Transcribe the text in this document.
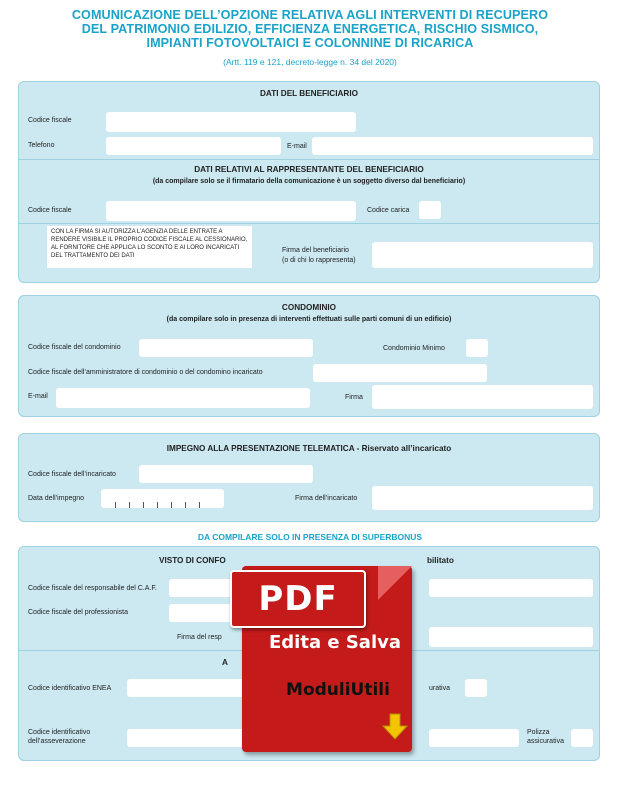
COMUNICAZIONE DELL’OPZIONE RELATIVA AGLI INTERVENTI DI RECUPERO
DEL PATRIMONIO EDILIZIO, EFFICIENZA ENERGETICA, RISCHIO SISMICO,
IMPIANTI FOTOVOLTAICI E COLONNINE DI RICARICA
(Artt. 119 e 121, decreto-legge n. 34 del 2020)
DATI DEL BENEFICIARIO
Codice fiscale
Telefono	E-mail
DATI RELATIVI AL RAPPRESENTANTE DEL BENEFICIARIO
(da compilare solo se il firmatario della comunicazione è un soggetto diverso dal beneficiario)
Codice fiscale	Codice carica
CON LA FIRMA SI AUTORIZZA L’AGENZIA DELLE ENTRATE A RENDERE VISIBILE IL PROPRIO CODICE FISCALE AL CESSIONARIO, AL FORNITORE CHE APPLICA LO SCONTO E AI LORO INCARICATI DEL TRATTAMENTO DEI DATI
Firma del beneficiario
(o di chi lo rappresenta)
CONDOMINIO
(da compilare solo in presenza di interventi effettuati sulle parti comuni di un edificio)
Codice fiscale del condominio	Condominio Minimo
Codice fiscale dell’amministratore di condominio o del condomino incaricato
E-mail	Firma
IMPEGNO ALLA PRESENTAZIONE TELEMATICA - Riservato all’incaricato
Codice fiscale dell’incaricato
Data dell’impegno	Firma dell’incaricato
DA COMPILARE SOLO IN PRESENZA DI SUPERBONUS
VISTO DI CONFO	bilitato
Codice fiscale del responsabile del C.A.F.
Codice fiscale del professionista
Firma del resp
A
Codice identificativo ENEA	urativa
Codice identificativo
dell’asseverazione
Polizza
assicurativa
PDF
Edita e Salva
ModuliUtili
